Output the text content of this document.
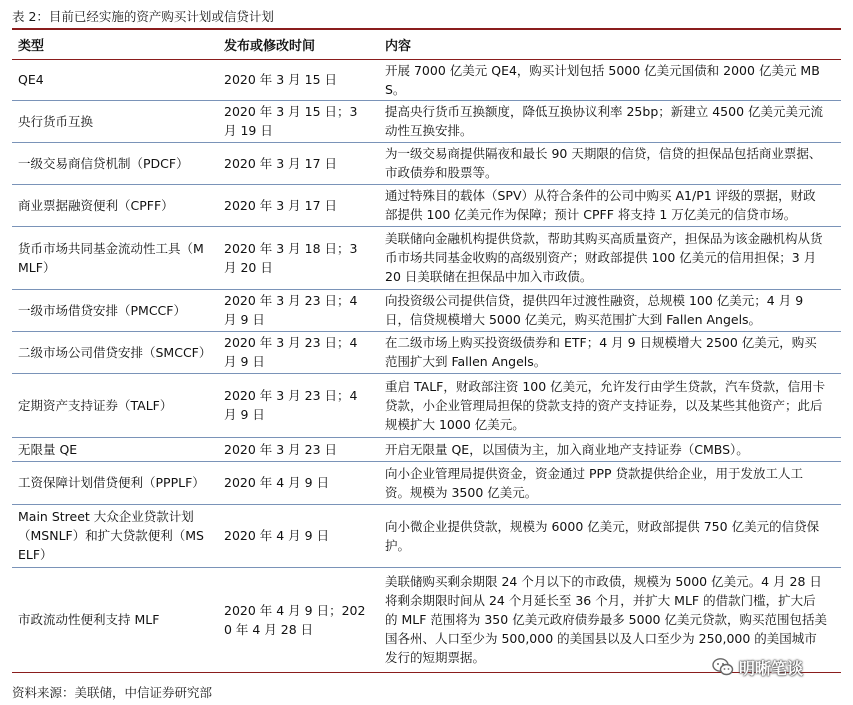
表 2：目前已经实施的资产购买计划或信贷计划
类型	发布或修改时间	内容
QE4	2020 年 3 月 15 日	开展 7000 亿美元 QE4，购买计划包括 5000 亿美元国债和 2000 亿美元 MBS。
央行货币互换	2020 年 3 月 15 日；3 月 19 日	提高央行货币互换额度，降低互换协议利率 25bp；新建立 4500 亿美元美元流动性互换安排。
一级交易商信贷机制（PDCF）	2020 年 3 月 17 日	为一级交易商提供隔夜和最长 90 天期限的信贷，信贷的担保品包括商业票据、市政债券和股票等。
商业票据融资便利（CPFF）	2020 年 3 月 17 日	通过特殊目的载体（SPV）从符合条件的公司中购买 A1/P1 评级的票据，财政部提供 100 亿美元作为保障；预计 CPFF 将支持 1 万亿美元的信贷市场。
货币市场共同基金流动性工具（MMLF）	2020 年 3 月 18 日；3 月 20 日	美联储向金融机构提供贷款，帮助其购买高质量资产，担保品为该金融机构从货币市场共同基金收购的高级别资产；财政部提供 100 亿美元的信用担保；3 月 20 日美联储在担保品中加入市政债。
一级市场借贷安排（PMCCF）	2020 年 3 月 23 日；4 月 9 日	向投资级公司提供信贷，提供四年过渡性融资，总规模 100 亿美元；4 月 9 日，信贷规模增大 5000 亿美元，购买范围扩大到 Fallen Angels。
二级市场公司借贷安排（SMCCF）	2020 年 3 月 23 日；4 月 9 日	在二级市场上购买投资级债券和 ETF；4 月 9 日规模增大 2500 亿美元，购买范围扩大到 Fallen Angels。
定期资产支持证券（TALF）	2020 年 3 月 23 日；4 月 9 日	重启 TALF，财政部注资 100 亿美元，允许发行由学生贷款，汽车贷款，信用卡贷款，小企业管理局担保的贷款支持的资产支持证券，以及某些其他资产；此后规模扩大 1000 亿美元。
无限量 QE	2020 年 3 月 23 日	开启无限量 QE，以国债为主，加入商业地产支持证券（CMBS）。
工资保障计划借贷便利（PPPLF）	2020 年 4 月 9 日	向小企业管理局提供资金，资金通过 PPP 贷款提供给企业，用于发放工人工资。规模为 3500 亿美元。
Main Street 大众企业贷款计划（MSNLF）和扩大贷款便利（MSELF）	2020 年 4 月 9 日	向小微企业提供贷款，规模为 6000 亿美元，财政部提供 750 亿美元的信贷保护。
市政流动性便利支持 MLF	2020 年 4 月 9 日；2020 年 4 月 28 日	美联储购买剩余期限 24 个月以下的市政债，规模为 5000 亿美元。4 月 28 日将剩余期限时间从 24 个月延长至 36 个月，并扩大 MLF 的借款门槛，扩大后的 MLF 范围将为 350 亿美元政府债券最多 5000 亿美元贷款，购买范围包括美国各州、人口至少为 500,000 的美国县以及人口至少为 250,000 的美国城市发行的短期票据。
资料来源：美联储，中信证券研究部
明晰笔谈
